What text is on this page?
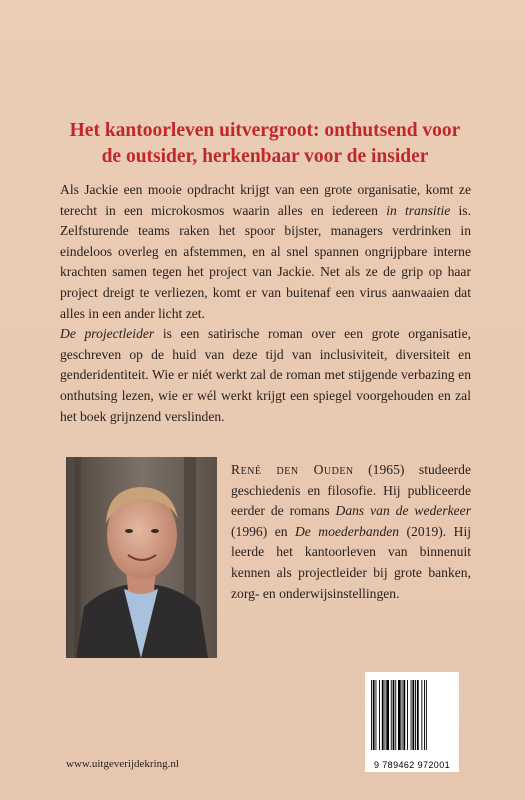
Het kantoorleven uitvergroot: onthutsend voor
de outsider, herkenbaar voor de insider

Als Jackie een mooie opdracht krijgt van een grote organisatie, komt ze terecht in een microkosmos waarin alles en iedereen in transitie is. Zelfsturende teams raken het spoor bijster, managers verdrinken in eindeloos overleg en afstemmen, en al snel spannen ongrijpbare interne krachten samen tegen het project van Jackie. Net als ze de grip op haar project dreigt te verliezen, komt er van buitenaf een virus aanwaaien dat alles in een ander licht zet.

De projectleider is een satirische roman over een grote organisatie, geschreven op de huid van deze tijd van inclusiviteit, diversiteit en genderidentiteit. Wie er niét werkt zal de roman met stijgende verbazing en onthutsing lezen, wie er wél werkt krijgt een spiegel voorgehouden en zal het boek grijnzend verslinden.

René den Ouden (1965) studeerde geschiedenis en filosofie. Hij publiceerde eerder de romans Dans van de wederkeer (1996) en De moederbanden (2019). Hij leerde het kantoorleven van binnenuit kennen als projectleider bij grote banken, zorg- en onderwijsinstellingen.
9 789462 972001
www.uitgeverijdekring.nl
